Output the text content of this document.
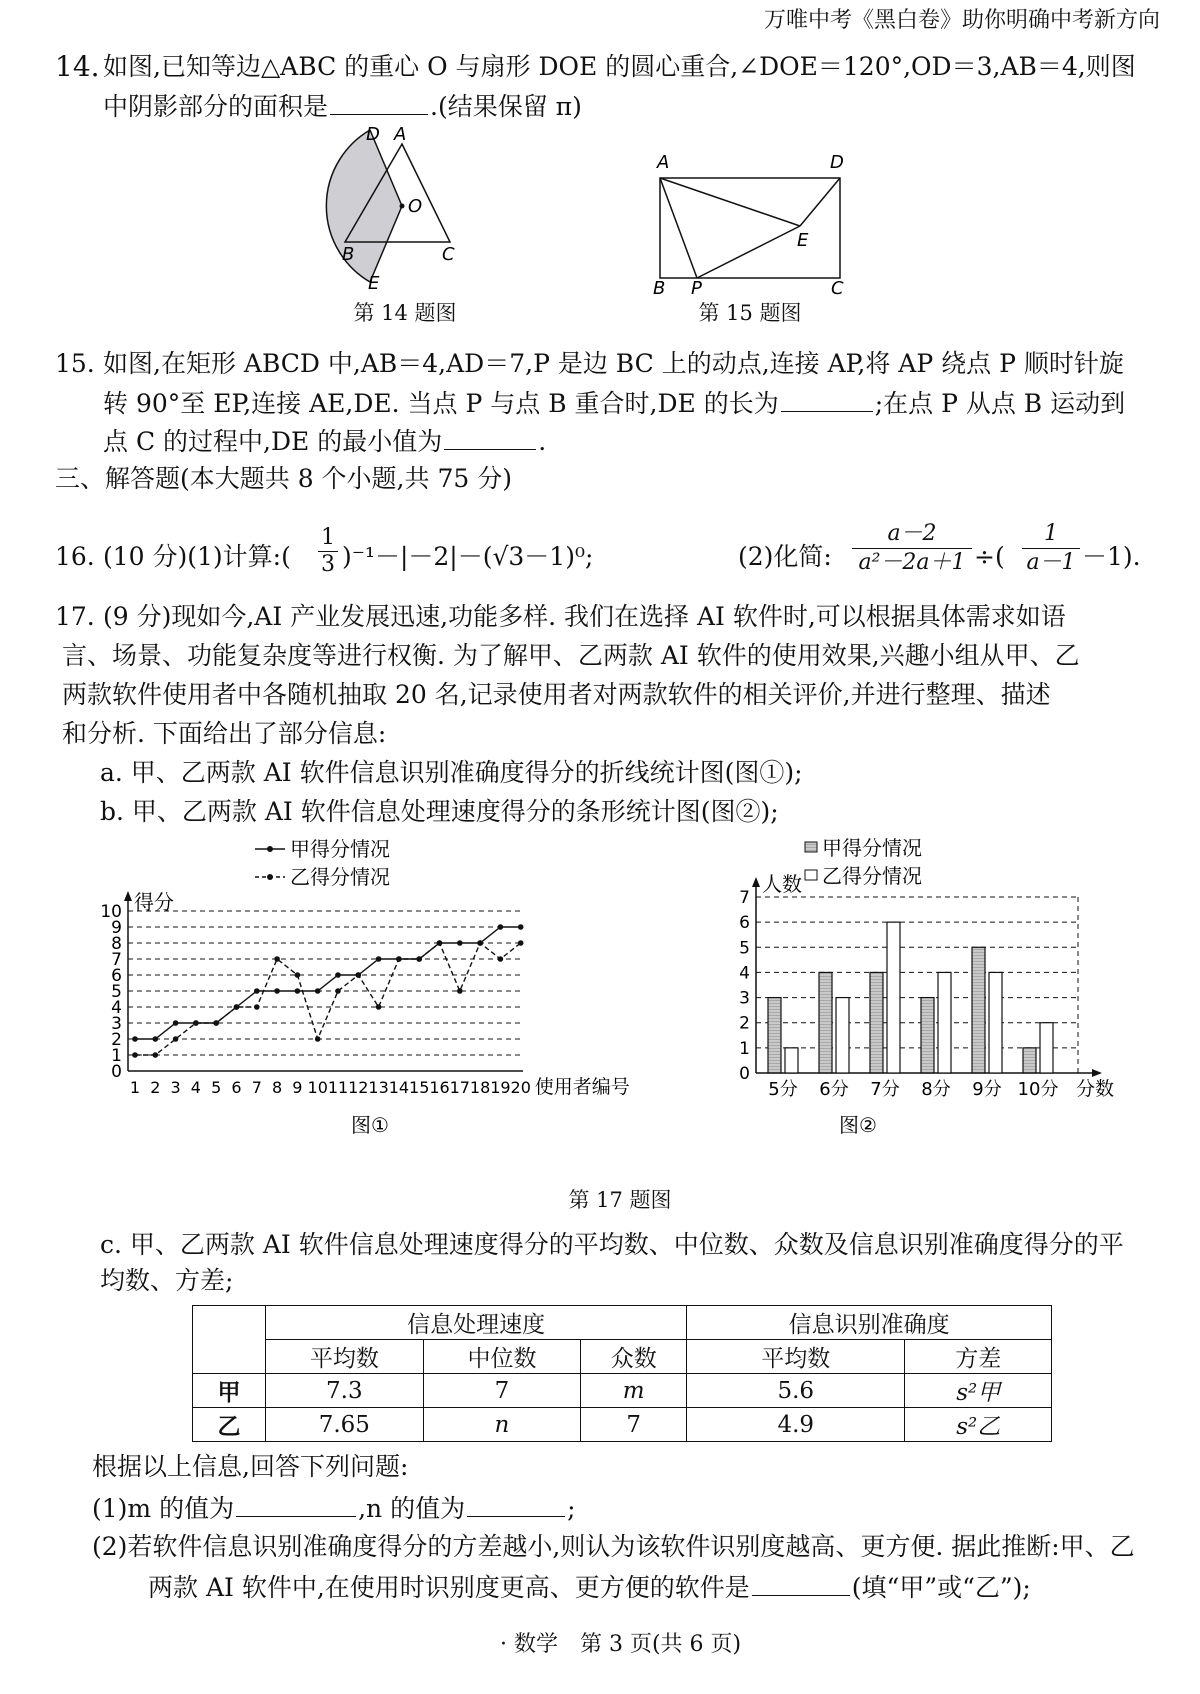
万唯中考《黑白卷》助你明确中考新方向
14. 如图,已知等边△ABC 的重心 O 与扇形 DOE 的圆心重合,∠DOE＝120°,OD＝3,AB＝4,则图
中阴影部分的面积是	.(结果保留 π)
D A
O
B	C
E
第 14 题图
A	D
E
B P	C
第 15 题图
15. 如图,在矩形 ABCD 中,AB＝4,AD＝7,P 是边 BC 上的动点,连接 AP,将 AP 绕点 P 顺时针旋
转 90°至 EP,连接 AE,DE. 当点 P 与点 B 重合时,DE 的长为	;在点 P 从点 B 运动到
点 C 的过程中,DE 的最小值为	.
三、解答题(本大题共 8 个小题,共 75 分)
16. (10 分)(1)计算:( $\frac{1}{3} )^{-1}-|-2|-(√3-1)^0$;	(2)化简: $\frac{a-2}{\text{a²－2a＋1}}$ ÷( $\frac{1}{a-1} -1$).
17. (9 分)现如今,AI 产业发展迅速,功能多样. 我们在选择 AI 软件时,可以根据具体需求如语
言、场景、功能复杂度等进行权衡. 为了解甲、乙两款 AI 软件的使用效果,兴趣小组从甲、乙
两款软件使用者中各随机抽取 20 名,记录使用者对两款软件的相关评价,并进行整理、描述
和分析. 下面给出了部分信息:
a. 甲、乙两款 AI 软件信息识别准确度得分的折线统计图(图①);
b. 甲、乙两款 AI 软件信息处理速度得分的条形统计图(图②);
甲得分情况
乙得分情况
得分
0
1
2
3
4
5
6
7
8
9
10
1 2 3 4 5 6 7 8 9 10 11 12 13 14 15 16 17 18 19 20 使用者编号
图①
甲得分情况
乙得分情况
人数
0
1
2
3
4
5
6
7
5分 6分 7分 8分 9分 10分 分数
图②
第 17 题图
c. 甲、乙两款 AI 软件信息处理速度得分的平均数、中位数、众数及信息识别准确度得分的平
均数、方差;
	信息处理速度			信息识别准确度	
	平均数	中位数	众数	平均数	方差
甲	7.3	7	m	5.6	s²甲
乙	7.65	n	7	4.9	s²乙
根据以上信息,回答下列问题:
(1)m 的值为	,n 的值为	;
(2)若软件信息识别准确度得分的方差越小,则认为该软件识别度越高、更方便. 据此推断:甲、乙
两款 AI 软件中,在使用时识别度更高、更方便的软件是	(填“甲”或“乙”);
· 数学　第 3 页(共 6 页)
